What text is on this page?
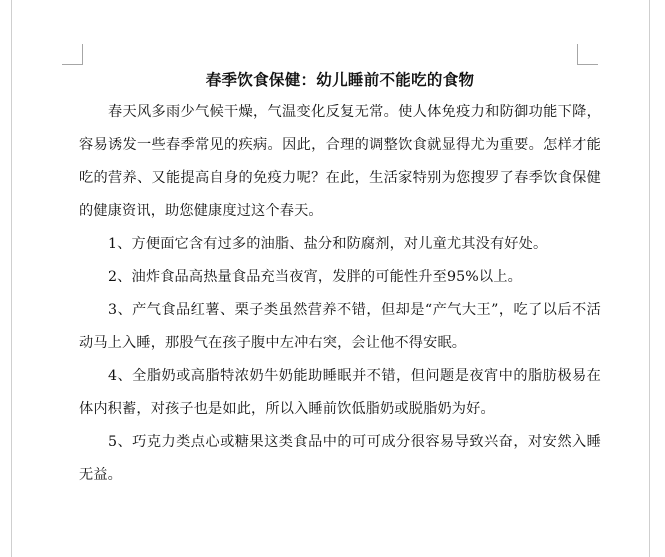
春季饮食保健：幼儿睡前不能吃的食物

春天风多雨少气候干燥，气温变化反复无常。使人体免疫力和防御功能下降，容易诱发一些春季常见的疾病。因此，合理的调整饮食就显得尤为重要。怎样才能吃的营养、又能提高自身的免疫力呢？在此，生活家特别为您搜罗了春季饮食保健的健康资讯，助您健康度过这个春天。

1、方便面它含有过多的油脂、盐分和防腐剂，对儿童尤其没有好处。

2、油炸食品高热量食品充当夜宵，发胖的可能性升至95%以上。

3、产气食品红薯、栗子类虽然营养不错，但却是“产气大王”，吃了以后不活动马上入睡，那股气在孩子腹中左冲右突，会让他不得安眠。

4、全脂奶或高脂特浓奶牛奶能助睡眠并不错，但问题是夜宵中的脂肪极易在体内积蓄，对孩子也是如此，所以入睡前饮低脂奶或脱脂奶为好。

5、巧克力类点心或糖果这类食品中的可可成分很容易导致兴奋，对安然入睡无益。
